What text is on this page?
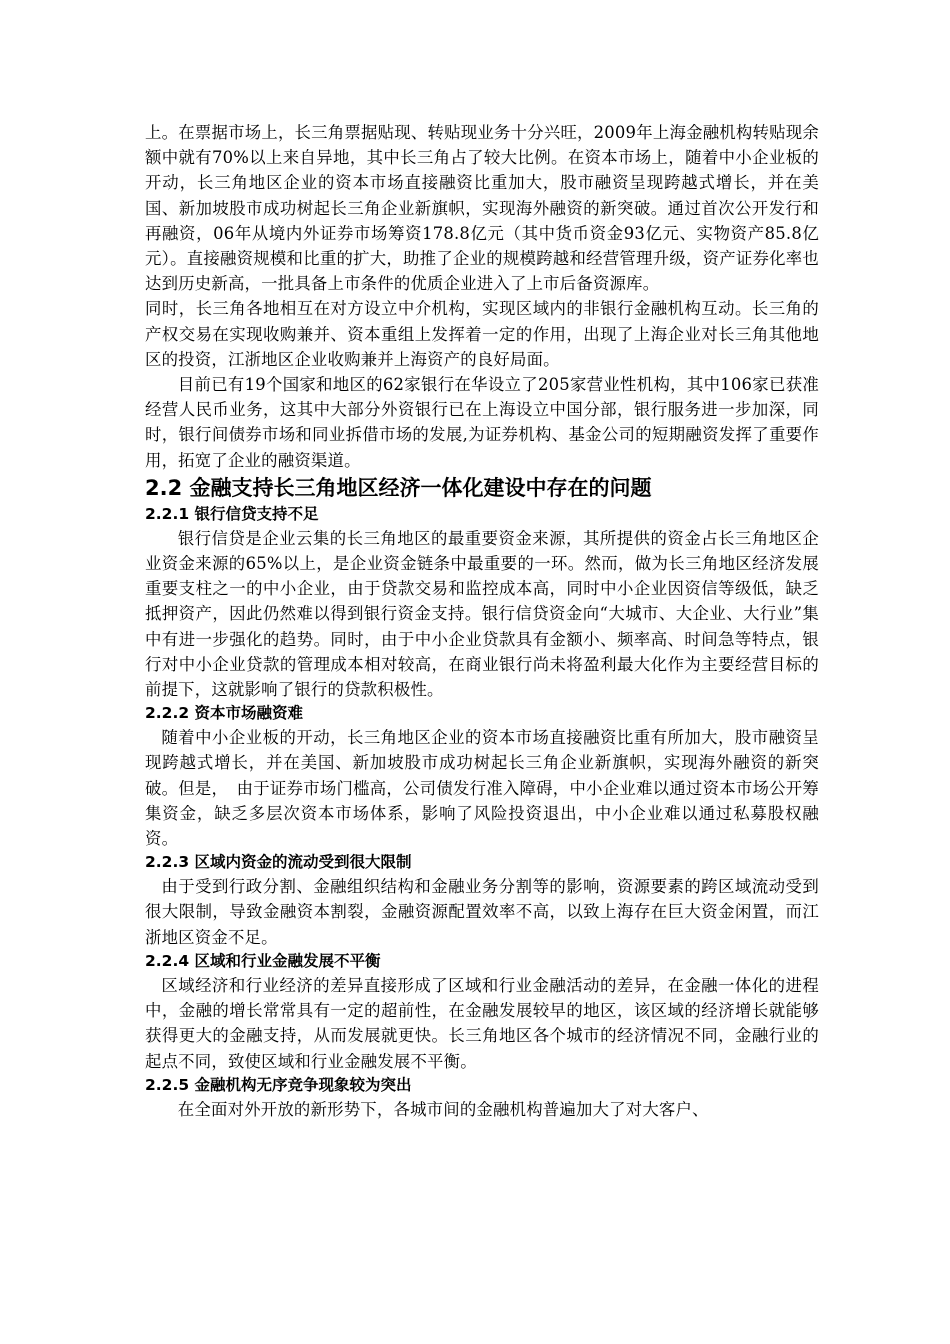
上。在票据市场上，长三角票据贴现、转贴现业务十分兴旺，2009年上海金融机构转贴现余额中就有70%以上来自异地，其中长三角占了较大比例。在资本市场上，随着中小企业板的开动，长三角地区企业的资本市场直接融资比重加大，股市融资呈现跨越式增长，并在美国、新加坡股市成功树起长三角企业新旗帜，实现海外融资的新突破。通过首次公开发行和再融资，06年从境内外证券市场筹资178.8亿元（其中货币资金93亿元、实物资产85.8亿元）。直接融资规模和比重的扩大，助推了企业的规模跨越和经营管理升级，资产证券化率也达到历史新高，一批具备上市条件的优质企业进入了上市后备资源库。

同时，长三角各地相互在对方设立中介机构，实现区域内的非银行金融机构互动。长三角的产权交易在实现收购兼并、资本重组上发挥着一定的作用，出现了上海企业对长三角其他地区的投资，江浙地区企业收购兼并上海资产的良好局面。

目前已有19个国家和地区的62家银行在华设立了205家营业性机构，其中106家已获准经营人民币业务，这其中大部分外资银行已在上海设立中国分部，银行服务进一步加深，同时，银行间债券市场和同业拆借市场的发展,为证券机构、基金公司的短期融资发挥了重要作用，拓宽了企业的融资渠道。

2.2 金融支持长三角地区经济一体化建设中存在的问题
2.2.1 银行信贷支持不足

银行信贷是企业云集的长三角地区的最重要资金来源，其所提供的资金占长三角地区企业资金来源的65%以上，是企业资金链条中最重要的一环。然而，做为长三角地区经济发展重要支柱之一的中小企业，由于贷款交易和监控成本高，同时中小企业因资信等级低，缺乏抵押资产，因此仍然难以得到银行资金支持。银行信贷资金向“大城市、大企业、大行业”集中有进一步强化的趋势。同时，由于中小企业贷款具有金额小、频率高、时间急等特点，银行对中小企业贷款的管理成本相对较高，在商业银行尚未将盈利最大化作为主要经营目标的前提下，这就影响了银行的贷款积极性。

2.2.2 资本市场融资难

随着中小企业板的开动，长三角地区企业的资本市场直接融资比重有所加大，股市融资呈现跨越式增长，并在美国、新加坡股市成功树起长三角企业新旗帜，实现海外融资的新突破。但是，　由于证券市场门槛高，公司债发行准入障碍，中小企业难以通过资本市场公开筹集资金，缺乏多层次资本市场体系，影响了风险投资退出，中小企业难以通过私募股权融资。

2.2.3 区域内资金的流动受到很大限制

由于受到行政分割、金融组织结构和金融业务分割等的影响，资源要素的跨区域流动受到很大限制，导致金融资本割裂，金融资源配置效率不高，以致上海存在巨大资金闲置，而江浙地区资金不足。

2.2.4 区域和行业金融发展不平衡

区域经济和行业经济的差异直接形成了区域和行业金融活动的差异，在金融一体化的进程中，金融的增长常常具有一定的超前性，在金融发展较早的地区，该区域的经济增长就能够获得更大的金融支持，从而发展就更快。长三角地区各个城市的经济情况不同，金融行业的起点不同，致使区域和行业金融发展不平衡。

2.2.5 金融机构无序竞争现象较为突出

在全面对外开放的新形势下，各城市间的金融机构普遍加大了对大客户、
